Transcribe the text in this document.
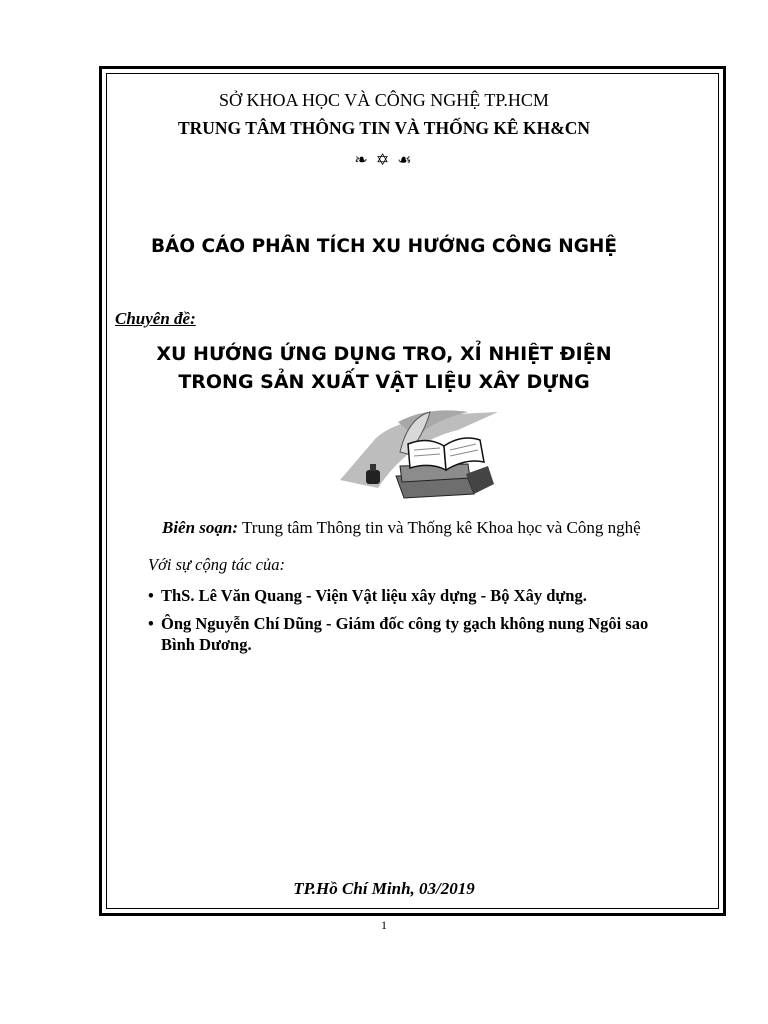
SỞ KHOA HỌC VÀ CÔNG NGHỆ TP.HCM
TRUNG TÂM THÔNG TIN VÀ THỐNG KÊ KH&CN
❧ ✡ ☙
BÁO CÁO PHÂN TÍCH XU HƯỚNG CÔNG NGHỆ
Chuyên đề:
XU HƯỚNG ỨNG DỤNG TRO, XỈ NHIỆT ĐIỆN
TRONG SẢN XUẤT VẬT LIỆU XÂY DỰNG
Biên soạn: Trung tâm Thông tin và Thống kê Khoa học và Công nghệ
Với sự cộng tác của:
• ThS. Lê Văn Quang - Viện Vật liệu xây dựng - Bộ Xây dựng.
• Ông Nguyễn Chí Dũng - Giám đốc công ty gạch không nung Ngôi sao
Bình Dương.
TP.Hồ Chí Minh, 03/2019
1
